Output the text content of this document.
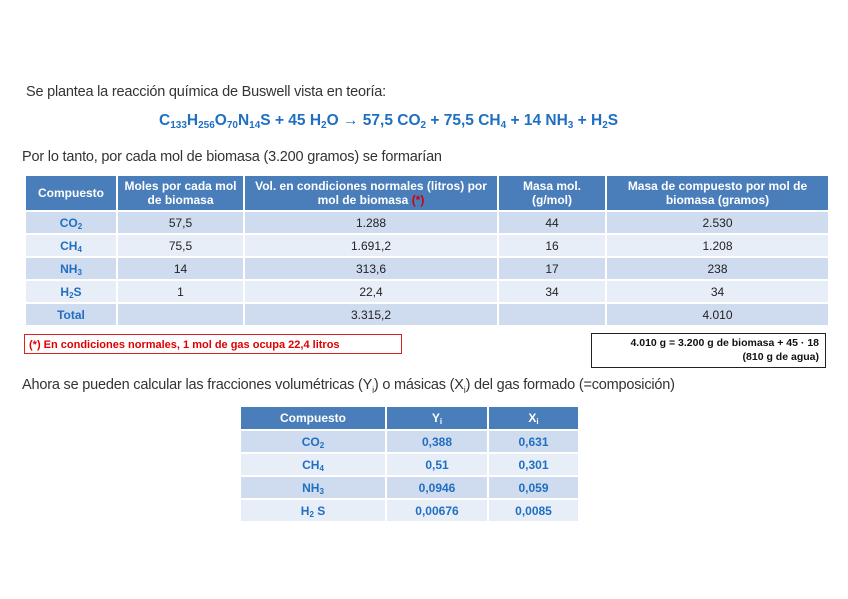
Se plantea la reacción química de Buswell vista en teoría:
$C_{133}H_{256}O_{70}N_{14}S + 45$ $H_2O \to 57,5$ $CO_2 + 75,5$ $CH_4 + 14$ $NH_3 + H_2S$
Por lo tanto, por cada mol de biomasa (3.200 gramos) se formarían
Compuesto	Moles por cada mol de biomasa	Vol. en condiciones normales (litros) por mol de biomasa (*)	Masa mol. (g/mol)	Masa de compuesto por mol de biomasa (gramos)
$CO_2$	57,5	1.288	44	2.530
$CH_4$	75,5	1.691,2	16	1.208
$NH_3$	14	313,6	17	238
$H_2S$	1	22,4	34	34
Total		3.315,2		4.010
(*) En condiciones normales, 1 mol de gas ocupa 22,4 litros	4.010 g = 3.200 g de biomasa + 45 · 18
(810 g de agua)
Ahora se pueden calcular las fracciones volumétricas $(Y_i)$ o másicas $(X_i)$ del gas formado (=composición)
Compuesto	$Y_i$	$X_i$
$CO_2$	0,388	0,631
$CH_4$	0,51	0,301
$NH_3$	0,0946	0,059
$H_2$ S	0,00676	0,0085
